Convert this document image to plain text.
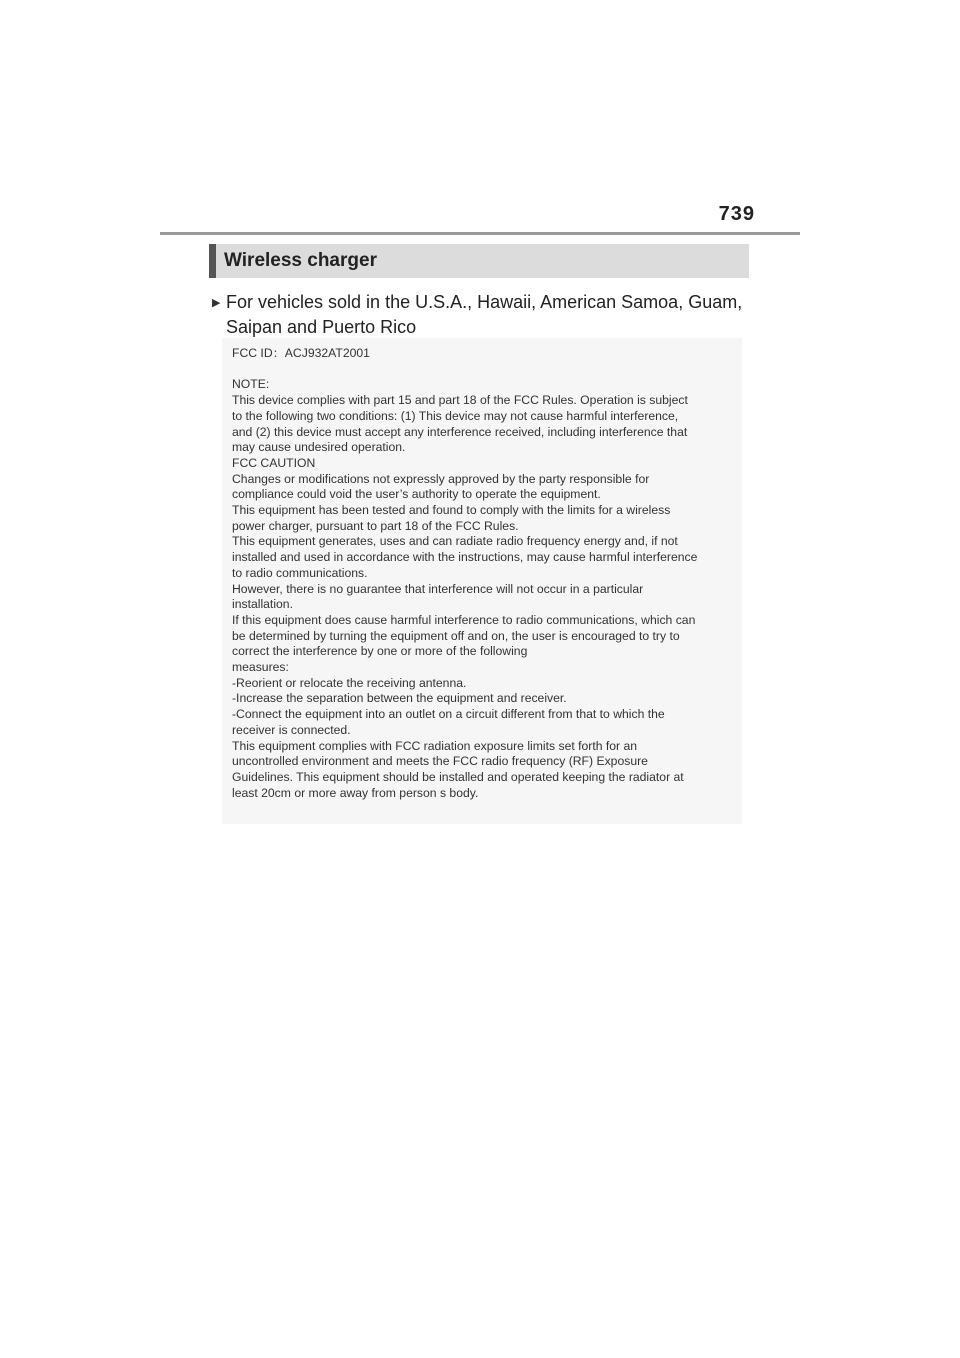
739
Wireless charger
▶ For vehicles sold in the U.S.A., Hawaii, American Samoa, Guam,
Saipan and Puerto Rico
FCC ID：ACJ932AT2001
NOTE:
This device complies with part 15 and part 18 of the FCC Rules. Operation is subject
to the following two conditions: (1) This device may not cause harmful interference,
and (2) this device must accept any interference received, including interference that
may cause undesired operation.
FCC CAUTION
Changes or modifications not expressly approved by the party responsible for
compliance could void the user’s authority to operate the equipment.
This equipment has been tested and found to comply with the limits for a wireless
power charger, pursuant to part 18 of the FCC Rules.
This equipment generates, uses and can radiate radio frequency energy and, if not
installed and used in accordance with the instructions, may cause harmful interference
to radio communications.
However, there is no guarantee that interference will not occur in a particular
installation.
If this equipment does cause harmful interference to radio communications, which can
be determined by turning the equipment off and on, the user is encouraged to try to
correct the interference by one or more of the following
measures:
-Reorient or relocate the receiving antenna.
-Increase the separation between the equipment and receiver.
-Connect the equipment into an outlet on a circuit different from that to which the
receiver is connected.
This equipment complies with FCC radiation exposure limits set forth for an
uncontrolled environment and meets the FCC radio frequency (RF) Exposure
Guidelines. This equipment should be installed and operated keeping the radiator at
least 20cm or more away from person s body.
